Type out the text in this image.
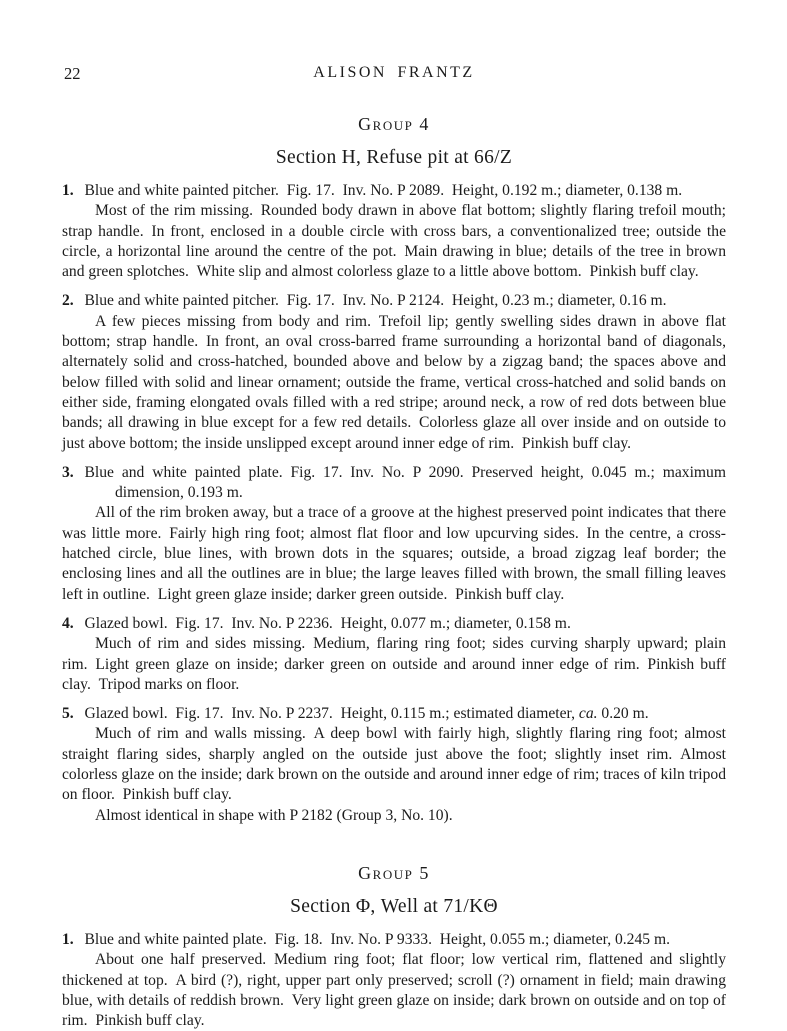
22	ALISON FRANTZ
Group 4
Section H, Refuse pit at 66/Z
1. Blue and white painted pitcher. Fig. 17. Inv. No. P 2089. Height, 0.192 m.; diameter, 0.138 m.

Most of the rim missing. Rounded body drawn in above flat bottom; slightly flaring trefoil mouth; strap handle. In front, enclosed in a double circle with cross bars, a conventionalized tree; outside the circle, a horizontal line around the centre of the pot. Main drawing in blue; details of the tree in brown and green splotches. White slip and almost colorless glaze to a little above bottom. Pinkish buff clay.

2. Blue and white painted pitcher. Fig. 17. Inv. No. P 2124. Height, 0.23 m.; diameter, 0.16 m.

A few pieces missing from body and rim. Trefoil lip; gently swelling sides drawn in above flat bottom; strap handle. In front, an oval cross-barred frame surrounding a horizontal band of diagonals, alternately solid and cross-hatched, bounded above and below by a zigzag band; the spaces above and below filled with solid and linear ornament; outside the frame, vertical cross-hatched and solid bands on either side, framing elongated ovals filled with a red stripe; around neck, a row of red dots between blue bands; all drawing in blue except for a few red details. Colorless glaze all over inside and on outside to just above bottom; the inside unslipped except around inner edge of rim. Pinkish buff clay.

3. Blue and white painted plate. Fig. 17. Inv. No. P 2090. Preserved height, 0.045 m.; maximum dimension, 0.193 m.

All of the rim broken away, but a trace of a groove at the highest preserved point indicates that there was little more. Fairly high ring foot; almost flat floor and low upcurving sides. In the centre, a cross-hatched circle, blue lines, with brown dots in the squares; outside, a broad zigzag leaf border; the enclosing lines and all the outlines are in blue; the large leaves filled with brown, the small filling leaves left in outline. Light green glaze inside; darker green outside. Pinkish buff clay.

4. Glazed bowl. Fig. 17. Inv. No. P 2236. Height, 0.077 m.; diameter, 0.158 m.

Much of rim and sides missing. Medium, flaring ring foot; sides curving sharply upward; plain rim. Light green glaze on inside; darker green on outside and around inner edge of rim. Pinkish buff clay. Tripod marks on floor.

5. Glazed bowl. Fig. 17. Inv. No. P 2237. Height, 0.115 m.; estimated diameter, ca. 0.20 m.

Much of rim and walls missing. A deep bowl with fairly high, slightly flaring ring foot; almost straight flaring sides, sharply angled on the outside just above the foot; slightly inset rim. Almost colorless glaze on the inside; dark brown on the outside and around inner edge of rim; traces of kiln tripod on floor. Pinkish buff clay.

Almost identical in shape with P 2182 (Group 3, No. 10).

Group 5
Section Φ, Well at 71/KΘ
1. Blue and white painted plate. Fig. 18. Inv. No. P 9333. Height, 0.055 m.; diameter, 0.245 m.

About one half preserved. Medium ring foot; flat floor; low vertical rim, flattened and slightly thickened at top. A bird (?), right, upper part only preserved; scroll (?) ornament in field; main drawing blue, with details of reddish brown. Very light green glaze on inside; dark brown on outside and on top of rim. Pinkish buff clay.
